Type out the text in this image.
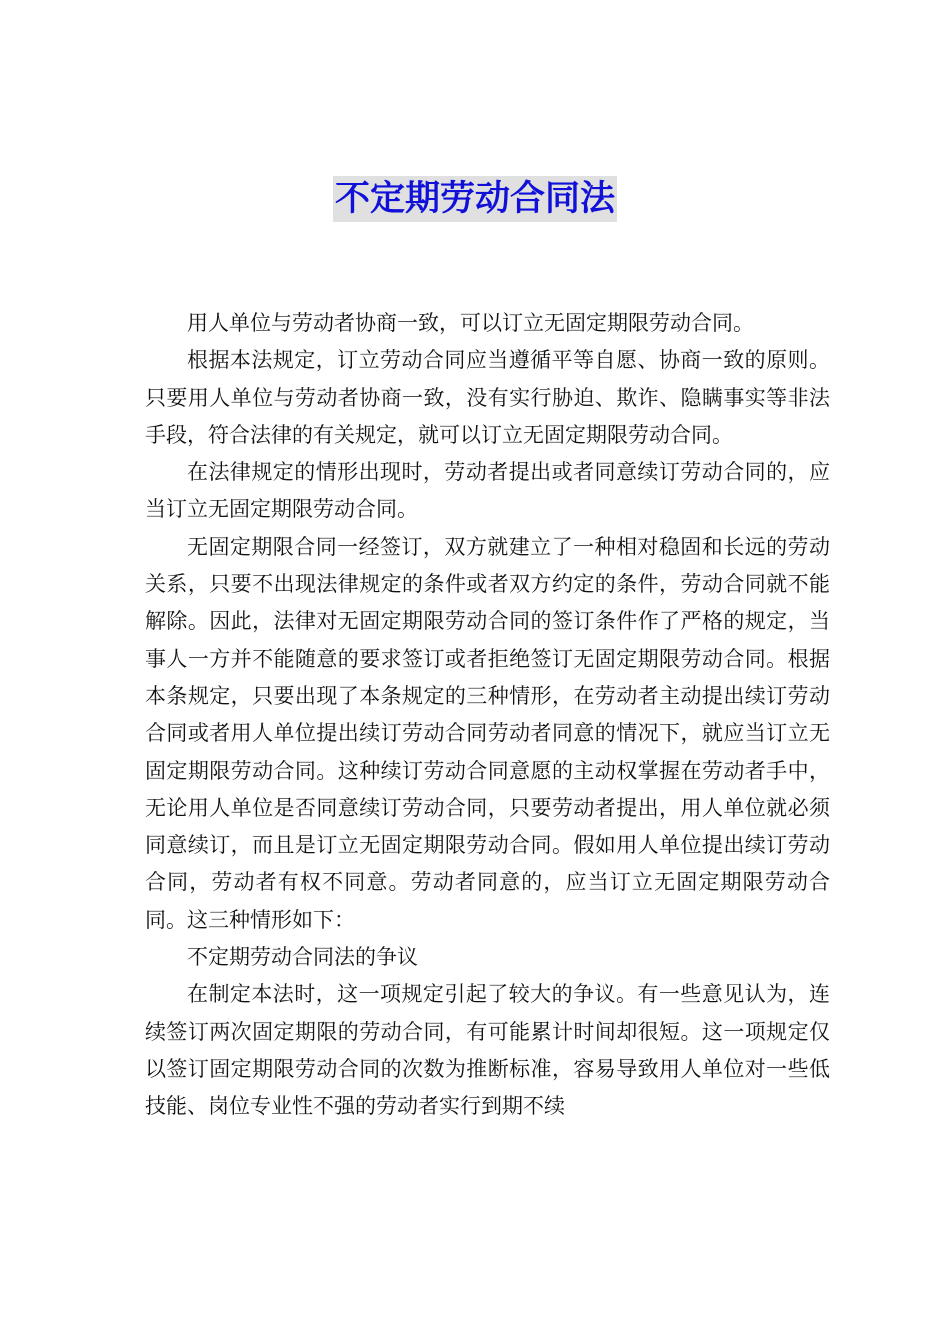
不定期劳动合同法

用人单位与劳动者协商一致，可以订立无固定期限劳动合同。

根据本法规定，订立劳动合同应当遵循平等自愿、协商一致的原则。只要用人单位与劳动者协商一致，没有实行胁迫、欺诈、隐瞒事实等非法手段，符合法律的有关规定，就可以订立无固定期限劳动合同。

在法律规定的情形出现时，劳动者提出或者同意续订劳动合同的，应当订立无固定期限劳动合同。

无固定期限合同一经签订，双方就建立了一种相对稳固和长远的劳动关系，只要不出现法律规定的条件或者双方约定的条件，劳动合同就不能解除。因此，法律对无固定期限劳动合同的签订条件作了严格的规定，当事人一方并不能随意的要求签订或者拒绝签订无固定期限劳动合同。根据本条规定，只要出现了本条规定的三种情形，在劳动者主动提出续订劳动合同或者用人单位提出续订劳动合同劳动者同意的情况下，就应当订立无固定期限劳动合同。这种续订劳动合同意愿的主动权掌握在劳动者手中，无论用人单位是否同意续订劳动合同，只要劳动者提出，用人单位就必须同意续订，而且是订立无固定期限劳动合同。假如用人单位提出续订劳动合同，劳动者有权不同意。劳动者同意的，应当订立无固定期限劳动合同。这三种情形如下：

不定期劳动合同法的争议

在制定本法时，这一项规定引起了较大的争议。有一些意见认为，连续签订两次固定期限的劳动合同，有可能累计时间却很短。这一项规定仅以签订固定期限劳动合同的次数为推断标准，容易导致用人单位对一些低技能、岗位专业性不强的劳动者实行到期不续
